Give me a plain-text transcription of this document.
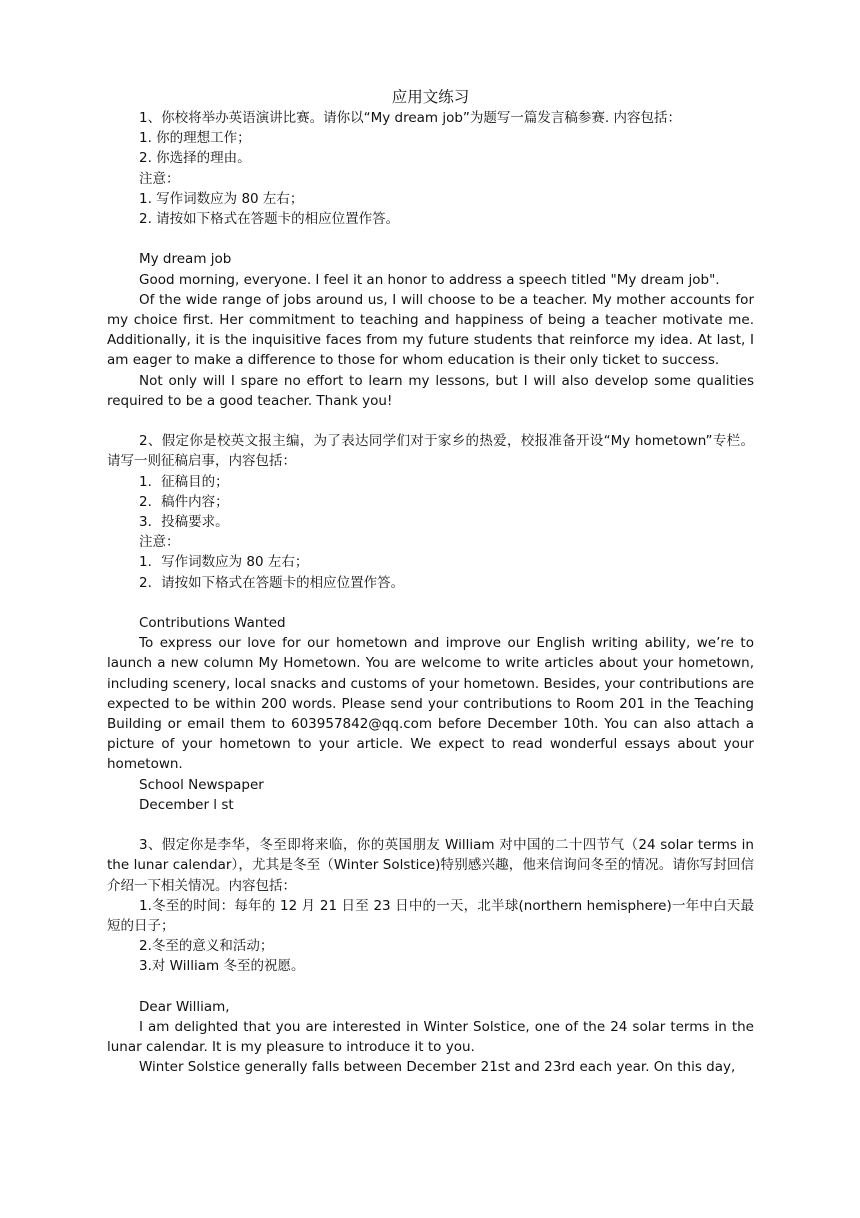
应用文练习

1、你校将举办英语演讲比赛。请你以“My dream job”为题写一篇发言稿参赛. 内容包括：

1. 你的理想工作；

2. 你选择的理由。

注意：

1. 写作词数应为 80 左右；

2. 请按如下格式在答题卡的相应位置作答。

My dream job

Good morning, everyone. I feel it an honor to address a speech titled "My dream job".

Of the wide range of jobs around us, I will choose to be a teacher. My mother accounts for my choice first. Her commitment to teaching and happiness of being a teacher motivate me. Additionally, it is the inquisitive faces from my future students that reinforce my idea. At last, I am eager to make a difference to those for whom education is their only ticket to success.

Not only will I spare no effort to learn my lessons, but I will also develop some qualities required to be a good teacher. Thank you!

2、假定你是校英文报主编，为了表达同学们对于家乡的热爱，校报准备开设“My hometown”专栏。请写一则征稿启事，内容包括：

1．征稿目的；

2．稿件内容；

3．投稿要求。

注意：

1．写作词数应为 80 左右；

2．请按如下格式在答题卡的相应位置作答。

Contributions Wanted

To express our love for our hometown and improve our English writing ability, we’re to launch a new column My Hometown. You are welcome to write articles about your hometown, including scenery, local snacks and customs of your hometown. Besides, your contributions are expected to be within 200 words. Please send your contributions to Room 201 in the Teaching Building or email them to 603957842@qq.com before December 10th. You can also attach a picture of your hometown to your article. We expect to read wonderful essays about your hometown.

School Newspaper

December l st

3、假定你是李华，冬至即将来临，你的英国朋友 William 对中国的二十四节气（24 solar terms in the lunar calendar），尤其是冬至（Winter Solstice)特别感兴趣，他来信询问冬至的情况。请你写封回信介绍一下相关情况。内容包括：

1.冬至的时间：每年的 12 月 21 日至 23 日中的一天，北半球(northern hemisphere)一年中白天最短的日子；

2.冬至的意义和活动；

3.对 William 冬至的祝愿。

Dear William,

I am delighted that you are interested in Winter Solstice, one of the 24 solar terms in the lunar calendar. It is my pleasure to introduce it to you.

Winter Solstice generally falls between December 21st and 23rd each year. On this day,
